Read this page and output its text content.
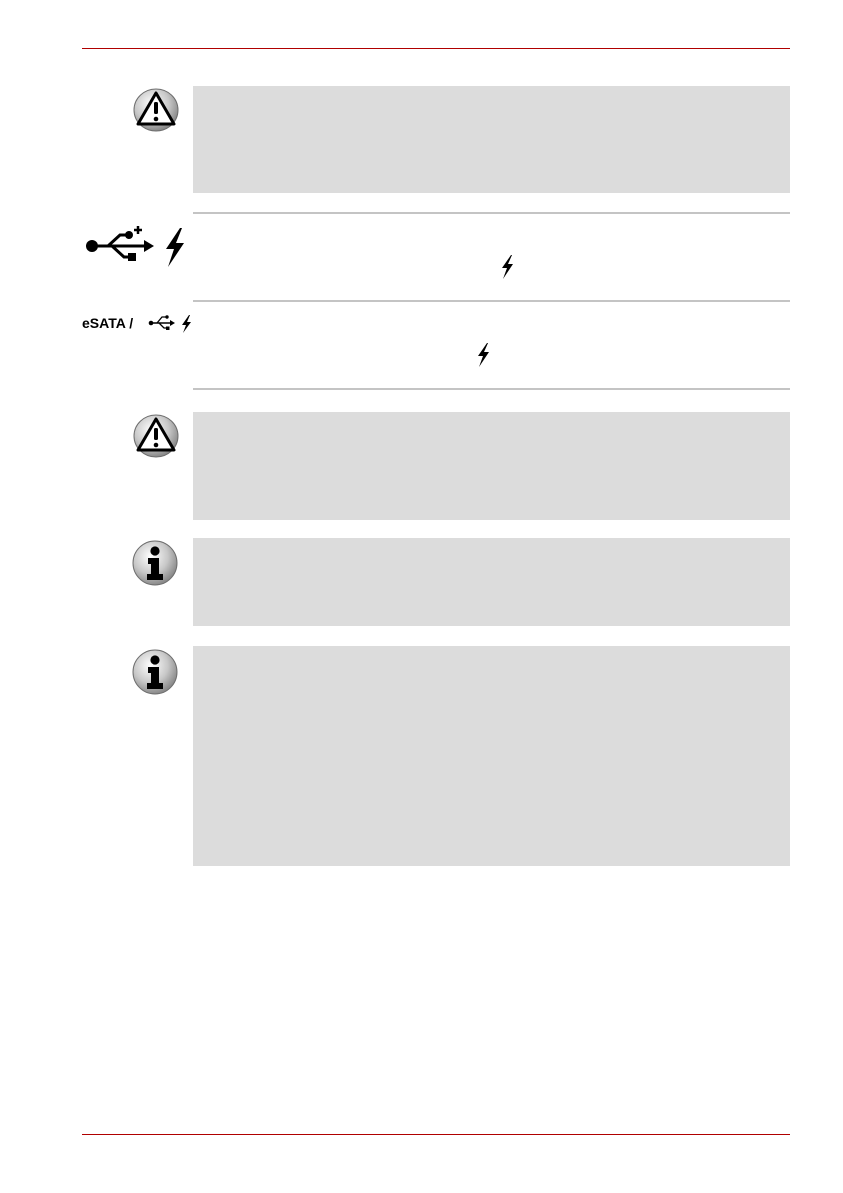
eSATA /
